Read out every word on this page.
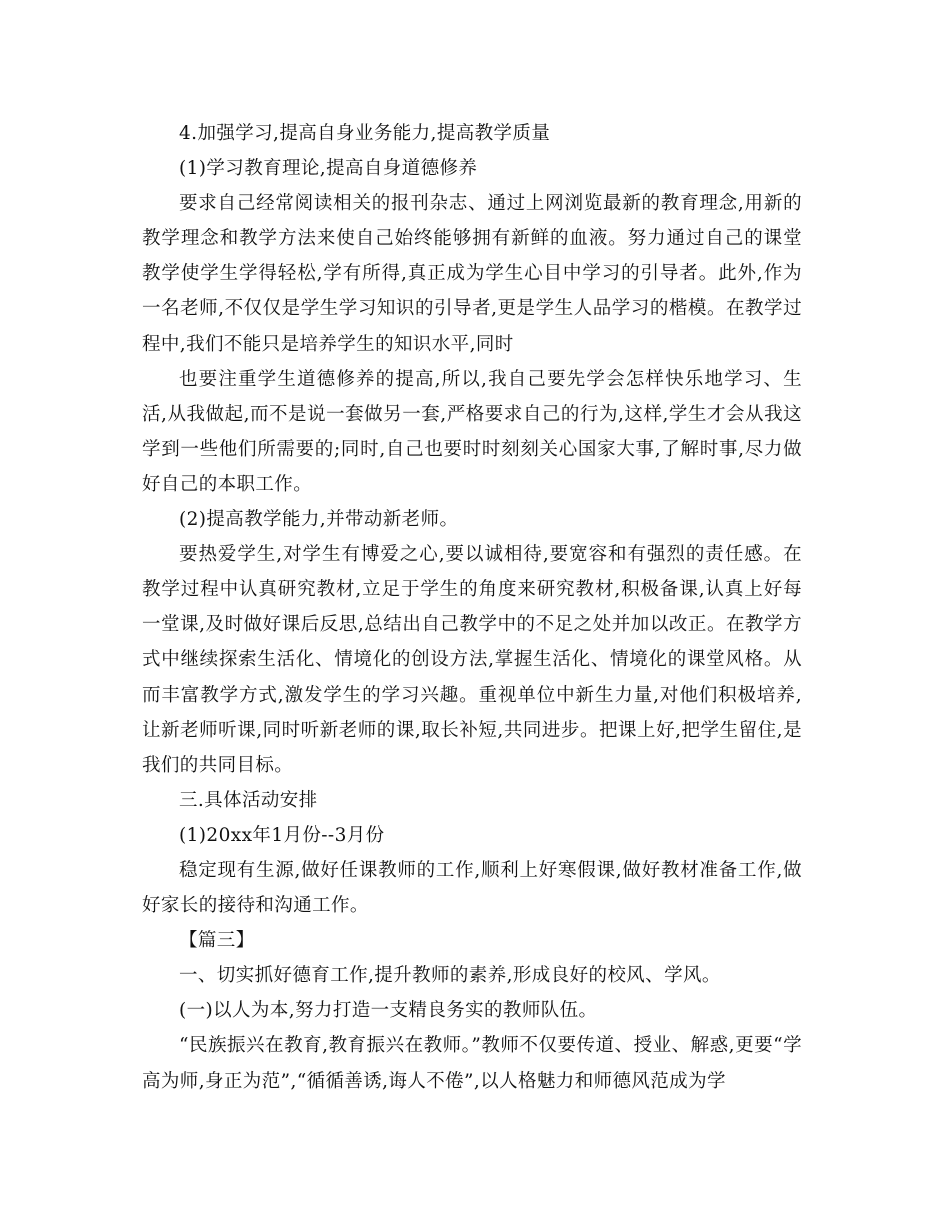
4.加强学习,提高自身业务能力,提高教学质量

(1)学习教育理论,提高自身道德修养

要求自己经常阅读相关的报刊杂志、通过上网浏览最新的教育理念,用新的教学理念和教学方法来使自己始终能够拥有新鲜的血液。努力通过自己的课堂教学使学生学得轻松,学有所得,真正成为学生心目中学习的引导者。此外,作为一名老师,不仅仅是学生学习知识的引导者,更是学生人品学习的楷模。在教学过程中,我们不能只是培养学生的知识水平,同时

也要注重学生道德修养的提高,所以,我自己要先学会怎样快乐地学习、生活,从我做起,而不是说一套做另一套,严格要求自己的行为,这样,学生才会从我这学到一些他们所需要的;同时,自己也要时时刻刻关心国家大事,了解时事,尽力做好自己的本职工作。

(2)提高教学能力,并带动新老师。

要热爱学生,对学生有博爱之心,要以诚相待,要宽容和有强烈的责任感。在教学过程中认真研究教材,立足于学生的角度来研究教材,积极备课,认真上好每一堂课,及时做好课后反思,总结出自己教学中的不足之处并加以改正。在教学方式中继续探索生活化、情境化的创设方法,掌握生活化、情境化的课堂风格。从而丰富教学方式,激发学生的学习兴趣。重视单位中新生力量,对他们积极培养,让新老师听课,同时听新老师的课,取长补短,共同进步。把课上好,把学生留住,是我们的共同目标。

三.具体活动安排

(1)20xx年1月份--3月份

稳定现有生源,做好任课教师的工作,顺利上好寒假课,做好教材准备工作,做好家长的接待和沟通工作。

【篇三】

一、切实抓好德育工作,提升教师的素养,形成良好的校风、学风。

(一)以人为本,努力打造一支精良务实的教师队伍。

“民族振兴在教育,教育振兴在教师。”教师不仅要传道、授业、解惑,更要“学高为师,身正为范”,“循循善诱,诲人不倦”,以人格魅力和师德风范成为学
